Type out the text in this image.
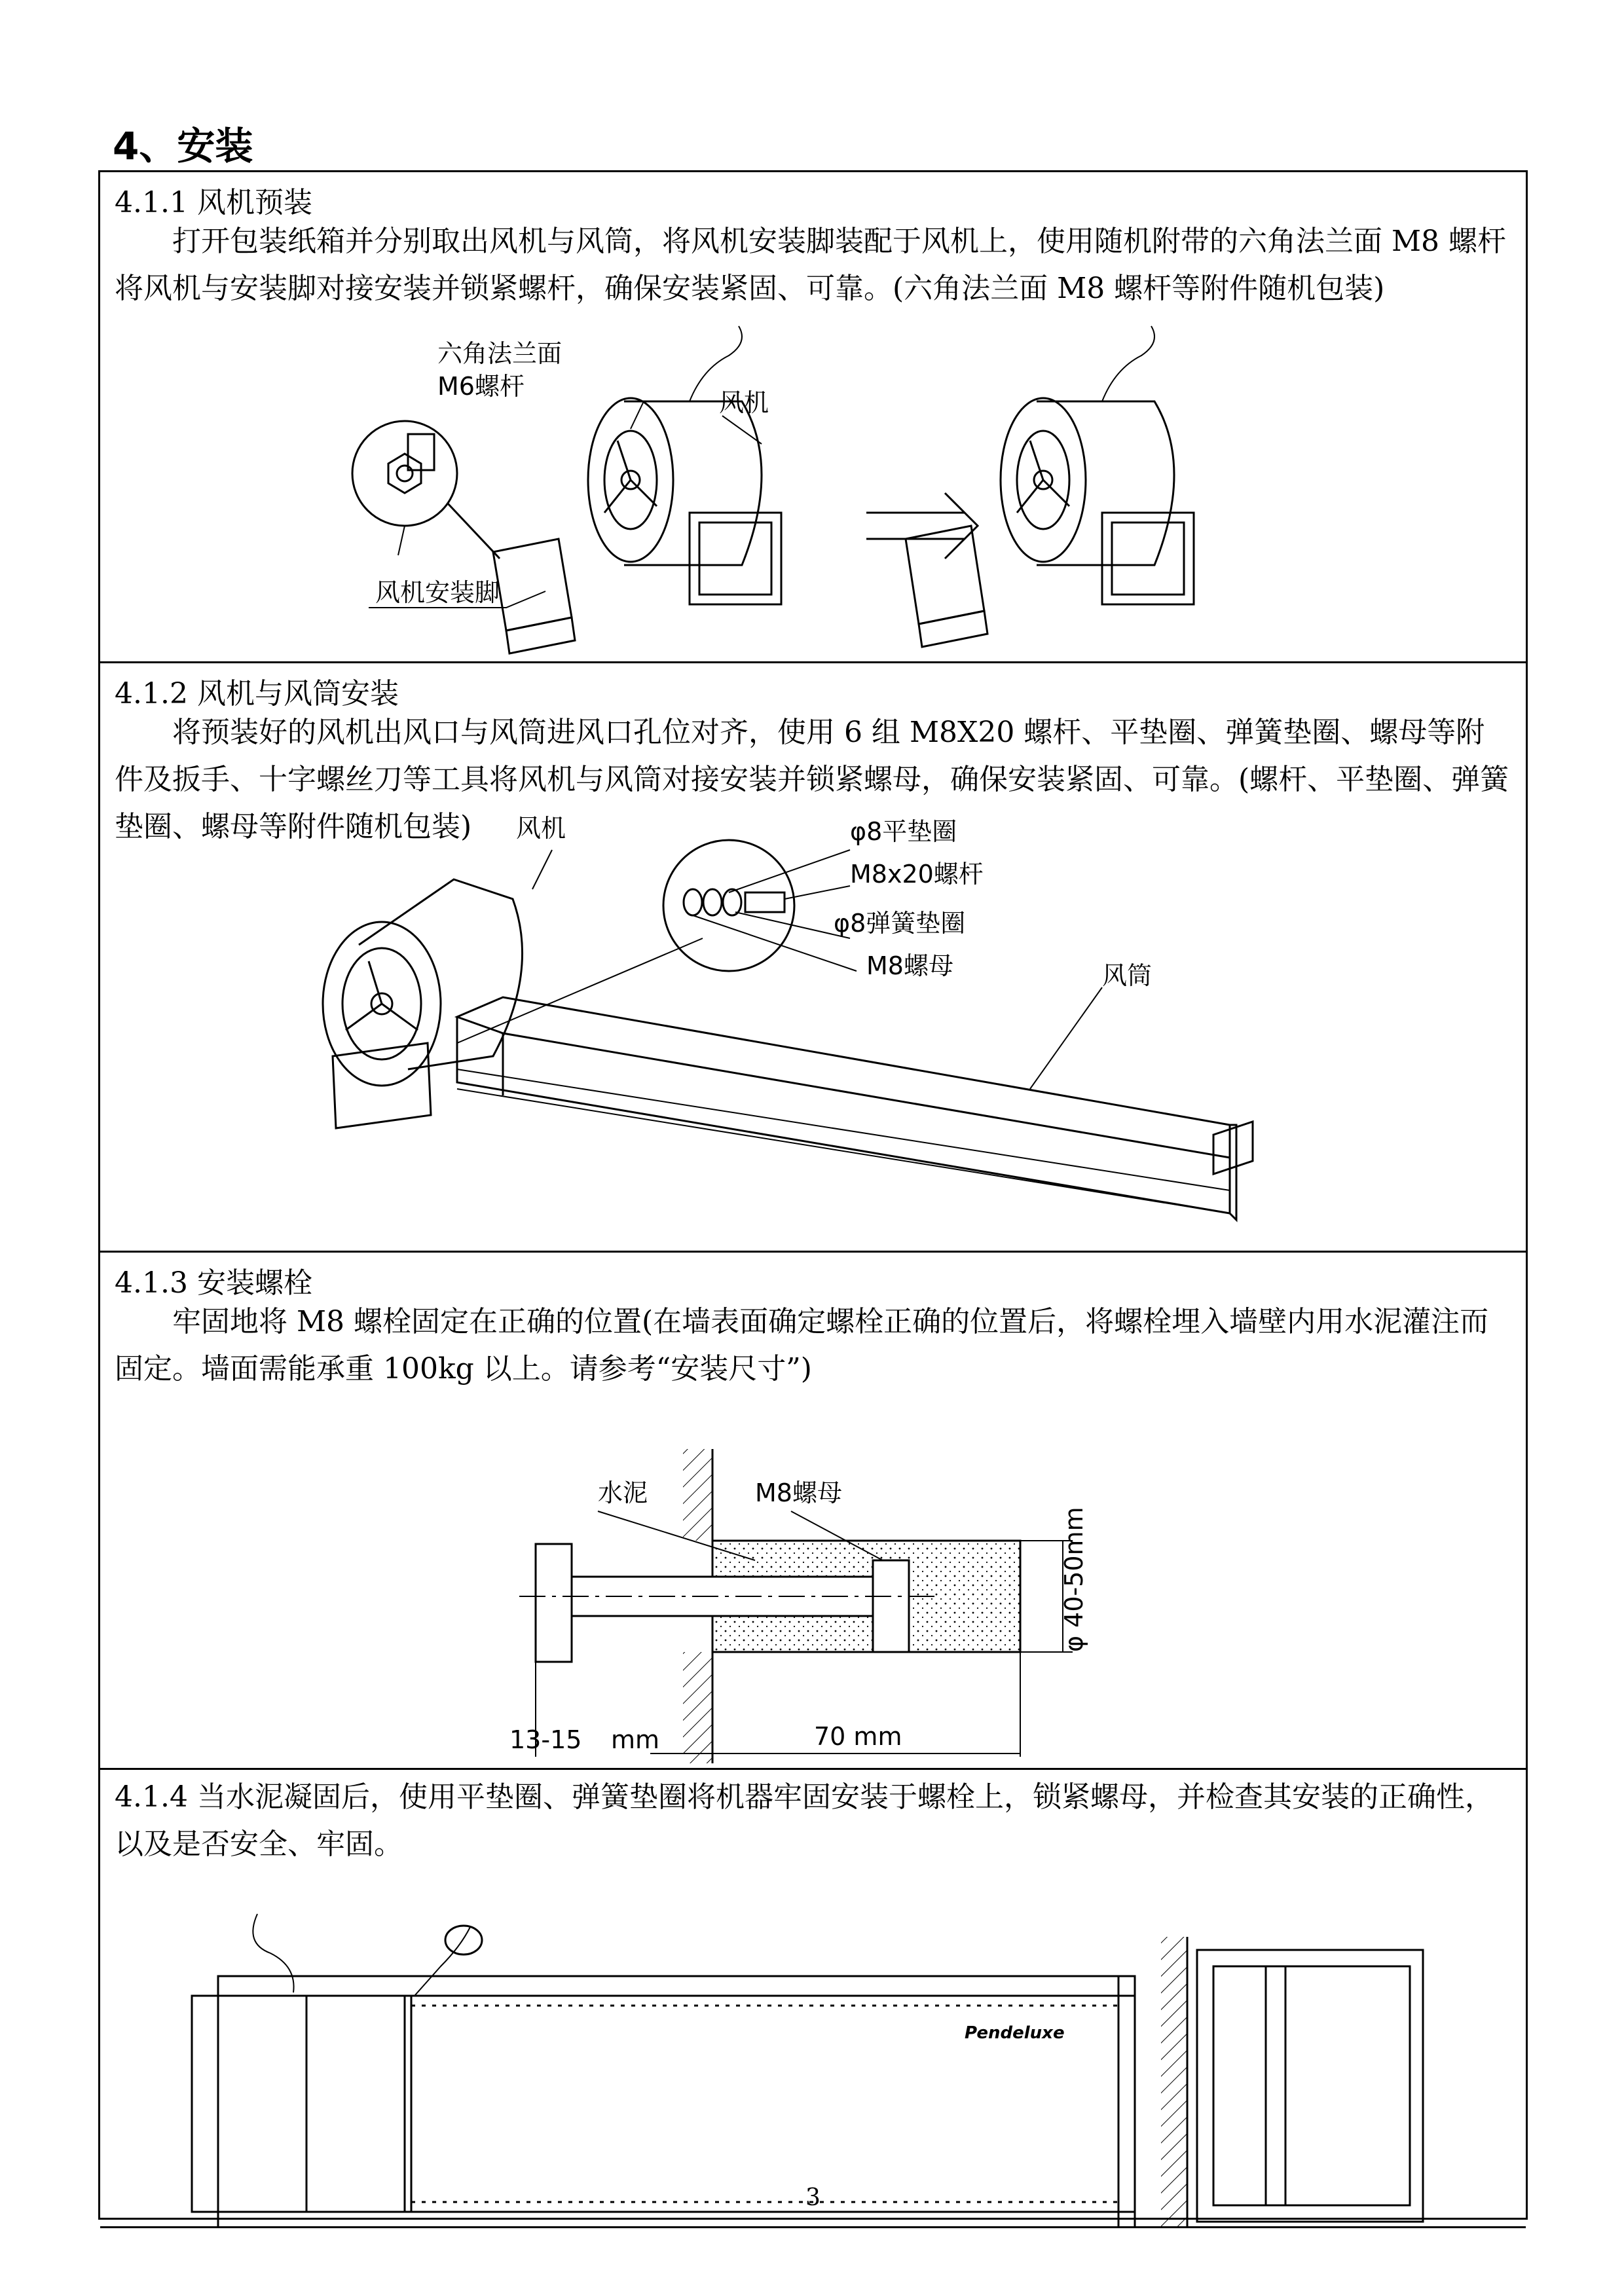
4、安装
4.1.1 风机预装
打开包装纸箱并分别取出风机与风筒，将风机安装脚装配于风机上，使用随机附带的六角法兰面 M8 螺杆将风机与安装脚对接安装并锁紧螺杆，确保安装紧固、可靠。(六角法兰面 M8 螺杆等附件随机包装)
六角法兰面
M6螺杆
风机
风机安装脚
4.1.2 风机与风筒安装
将预装好的风机出风口与风筒进风口孔位对齐，使用 6 组 M8X20 螺杆、平垫圈、弹簧垫圈、螺母等附件及扳手、十字螺丝刀等工具将风机与风筒对接安装并锁紧螺母，确保安装紧固、可靠。(螺杆、平垫圈、弹簧垫圈、螺母等附件随机包装)	风机	φ8平垫圈
M8x20螺杆
φ8弹簧垫圈
M8螺母	风筒
4.1.3 安装螺栓
牢固地将 M8 螺栓固定在正确的位置(在墙表面确定螺栓正确的位置后，将螺栓埋入墙壁内用水泥灌注而固定。墙面需能承重 100kg 以上。请参考“安装尺寸”)
水泥	M8螺母
φ 40-50mm
13-15 mm	70 mm
4.1.4 当水泥凝固后，使用平垫圈、弹簧垫圈将机器牢固安装于螺栓上，锁紧螺母，并检查其安装的正确性，以及是否安全、牢固。
Pendeluxe
3
